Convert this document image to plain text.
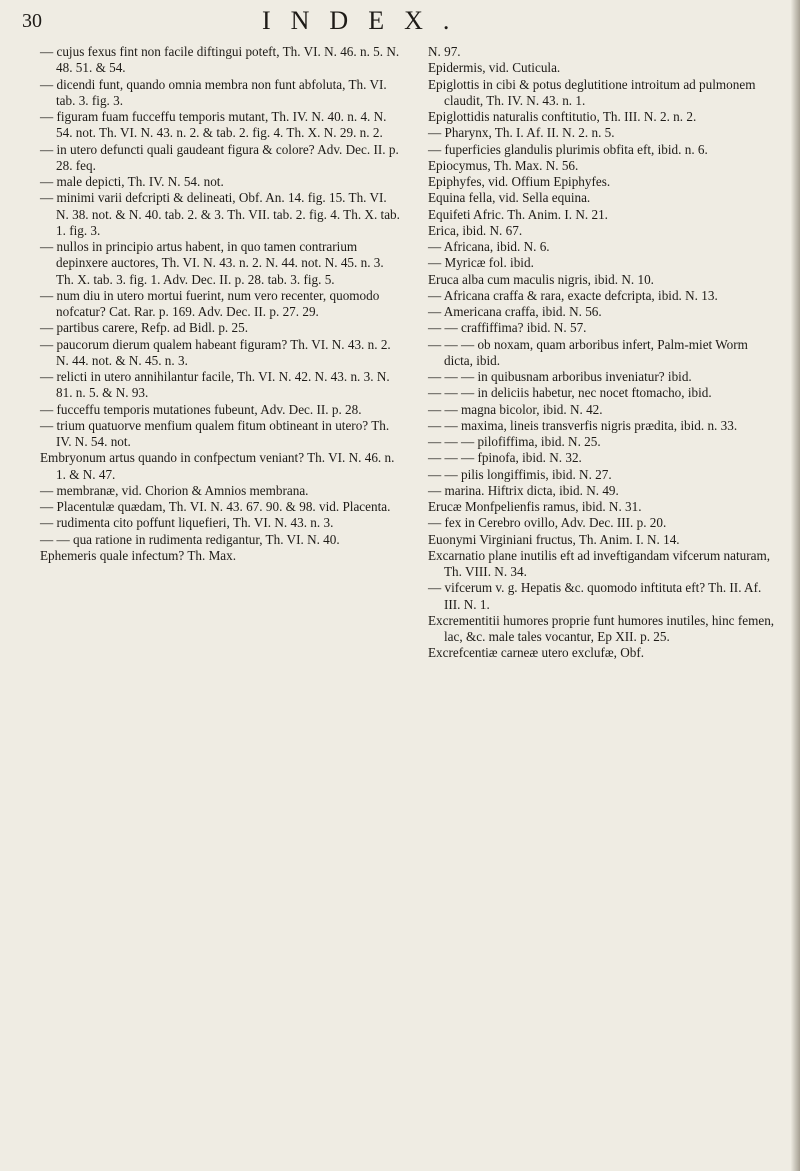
30	INDEX.

— cujus fexus fint non facile diftingui poteft, Th. VI. N. 46. n. 5. N. 48. 51. & 54.

— dicendi funt, quando omnia membra non funt abfoluta, Th. VI. tab. 3. fig. 3.

— figuram fuam fucceffu temporis mutant, Th. IV. N. 40. n. 4. N. 54. not. Th. VI. N. 43. n. 2. & tab. 2. fig. 4. Th. X. N. 29. n. 2.

— in utero defuncti quali gaudeant figura & colore? Adv. Dec. II. p. 28. feq.

— male depicti, Th. IV. N. 54. not.

— minimi varii defcripti & delineati, Obf. An. 14. fig. 15. Th. VI. N. 38. not. & N. 40. tab. 2. & 3. Th. VII. tab. 2. fig. 4. Th. X. tab. 1. fig. 3.

— nullos in principio artus habent, in quo tamen contrarium depinxere auctores, Th. VI. N. 43. n. 2. N. 44. not. N. 45. n. 3. Th. X. tab. 3. fig. 1. Adv. Dec. II. p. 28. tab. 3. fig. 5.

— num diu in utero mortui fuerint, num vero recenter, quomodo nofcatur? Cat. Rar. p. 169. Adv. Dec. II. p. 27. 29.

— partibus carere, Refp. ad Bidl. p. 25.

— paucorum dierum qualem habeant figuram? Th. VI. N. 43. n. 2. N. 44. not. & N. 45. n. 3.

— relicti in utero annihilantur facile, Th. VI. N. 42. N. 43. n. 3. N. 81. n. 5. & N. 93.

— fucceffu temporis mutationes fubeunt, Adv. Dec. II. p. 28.

— trium quatuorve menfium qualem fitum obtineant in utero? Th. IV. N. 54. not.

Embryonum artus quando in confpectum veniant? Th. VI. N. 46. n. 1. & N. 47.

— membranæ, vid. Chorion & Amnios membrana.

— Placentulæ quædam, Th. VI. N. 43. 67. 90. & 98. vid. Placenta.

— rudimenta cito poffunt liquefieri, Th. VI. N. 43. n. 3.

— — qua ratione in rudimenta redigantur, Th. VI. N. 40.

Ephemeris quale infectum? Th. Max.

N. 97.

Epidermis, vid. Cuticula.

Epiglottis in cibi & potus deglutitione introitum ad pulmonem claudit, Th. IV. N. 43. n. 1.

Epiglottidis naturalis conftitutio, Th. III. N. 2. n. 2.

— Pharynx, Th. I. Af. II. N. 2. n. 5.

— fuperficies glandulis plurimis obfita eft, ibid. n. 6.

Epiocymus, Th. Max. N. 56.

Epiphyfes, vid. Offium Epiphyfes.

Equina fella, vid. Sella equina.

Equifeti Afric. Th. Anim. I. N. 21.

Erica, ibid. N. 67.

— Africana, ibid. N. 6.

— Myricæ fol. ibid.

Eruca alba cum maculis nigris, ibid. N. 10.

— Africana craffa & rara, exacte defcripta, ibid. N. 13.

— Americana craffa, ibid. N. 56.

— — craffiffima? ibid. N. 57.

— — — ob noxam, quam arboribus infert, Palm-miet Worm dicta, ibid.

— — — in quibusnam arboribus inveniatur? ibid.

— — — in deliciis habetur, nec nocet ftomacho, ibid.

— — magna bicolor, ibid. N. 42.

— — maxima, lineis transverfis nigris prædita, ibid. n. 33.

— — — pilofiffima, ibid. N. 25.

— — — fpinofa, ibid. N. 32.

— — pilis longiffimis, ibid. N. 27.

— marina. Hiftrix dicta, ibid. N. 49.

Erucæ Monfpelienfis ramus, ibid. N. 31.

— fex in Cerebro ovillo, Adv. Dec. III. p. 20.

Euonymi Virginiani fructus, Th. Anim. I. N. 14.

Excarnatio plane inutilis eft ad inveftigandam vifcerum naturam, Th. VIII. N. 34.

— vifcerum v. g. Hepatis &c. quomodo inftituta eft? Th. II. Af. III. N. 1.

Excrementitii humores proprie funt humores inutiles, hinc femen, lac, &c. male tales vocantur, Ep XII. p. 25.

Excrefcentiæ carneæ utero exclufæ, Obf.
